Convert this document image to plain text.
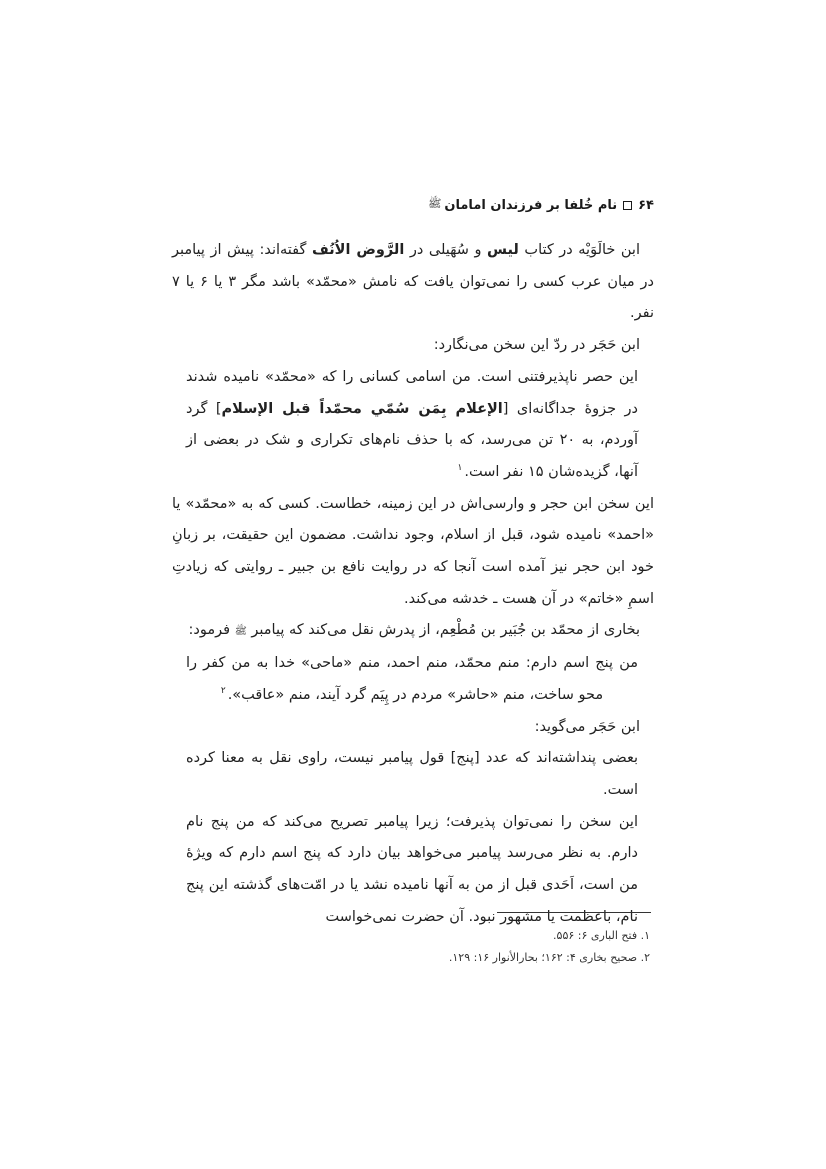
۶۴
نام خُلفا بر فرزندان امامان
ﷺ

ابن خالَوَیْه در کتاب لیس و سُهَیلی در الرَّوض الاُنُف گفته‌اند: پیش از پیامبر در میان عرب کسی را نمی‌توان یافت که نامش «محمّد» باشد مگر ۳ یا ۶ یا ۷ نفر.

ابن حَجَر در ردّ این سخن می‌نگارد:

این حصر ناپذیرفتنی است. من اسامی کسانی را که «محمّد» نامیده شدند در جزوهٔ جداگانه‌ای [الإعلام بِمَن سُمّي محمّداً قبل الإسلام] گرد آوردم، به ۲۰ تن می‌رسد، که با حذف نام‌های تکراری و شک در بعضی از آنها، گزیده‌شان ۱۵ نفر است.$^۱$

این سخن ابن حجر و وارسی‌اش در این زمینه، خطاست. کسی که به «محمّد» یا «احمد» نامیده شود، قبل از اسلام، وجود نداشت. مضمون این حقیقت، بر زبانِ خود ابن حجر نیز آمده است آنجا که در روایت نافع بن جبیر ـ روایتی که زیادتِ اسمِ «خاتم» در آن هست ـ خدشه می‌کند.

بخاری از محمّد بن جُبَیر بن مُطْعِم، از پدرش نقل می‌کند که پیامبر ﷺ فرمود:

من پنج اسم دارم: منم محمّد، منم احمد، منم «ماحی» خدا به من کفر را محو ساخت، منم «حاشر» مردم در پِیَم گرد آیند، منم «عاقب».$^۲$

ابن حَجَر می‌گوید:

بعضی پنداشته‌اند که عدد [پنج] قول پیامبر نیست، راوی نقل به معنا کرده است.

این سخن را نمی‌توان پذیرفت؛ زیرا پیامبر تصریح می‌کند که من پنج نام دارم. به نظر می‌رسد پیامبر می‌خواهد بیان دارد که پنج اسم دارم که ویژهٔ من است، اَحَدی قبل از من به آنها نامیده نشد یا در امّت‌های گذشته این پنج نام، باعظمت یا مشهور نبود. آن حضرت نمی‌خواست

۱. فتح الباری ۶: ۵۵۶.

۲. صحیح بخاری ۴: ۱۶۲؛ بحارالأنوار ۱۶: ۱۲۹.
